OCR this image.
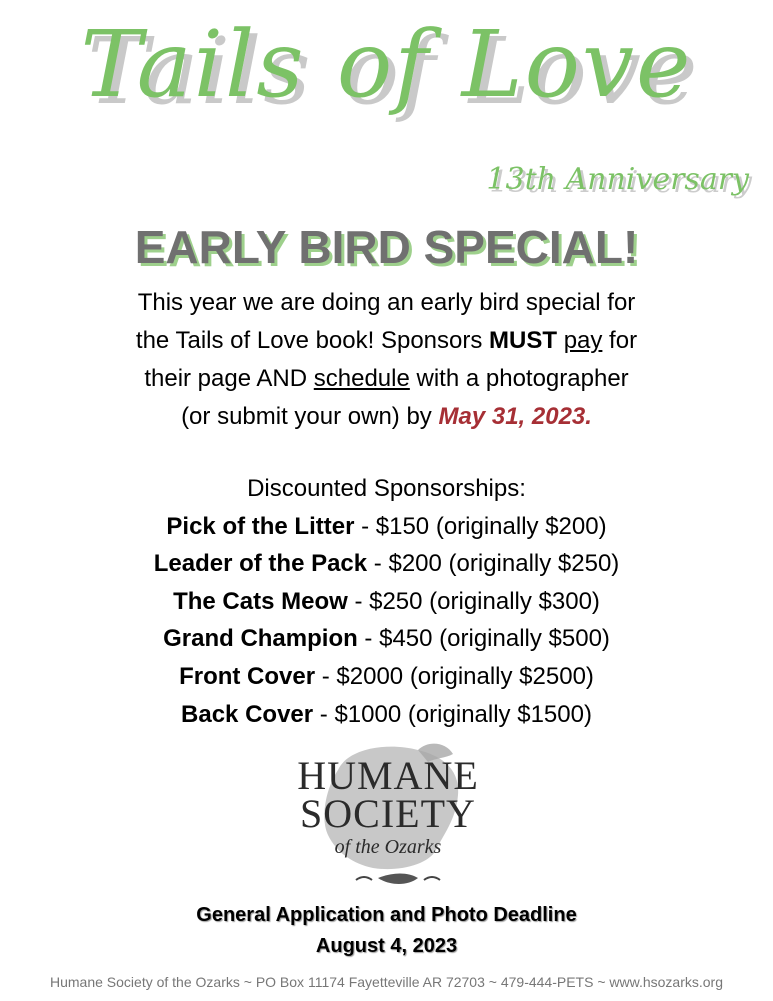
Tails of Love
13th Anniversary
EARLY BIRD SPECIAL!
This year we are doing an early bird special for
the Tails of Love book! Sponsors MUST pay for
their page AND schedule with a photographer
(or submit your own) by May 31, 2023.
Discounted Sponsorships:
Pick of the Litter - $150 (originally $200)
Leader of the Pack - $200 (originally $250)
The Cats Meow - $250 (originally $300)
Grand Champion - $450 (originally $500)
Front Cover - $2000 (originally $2500)
Back Cover - $1000 (originally $1500)
HUMANE
SOCIETY
of the Ozarks
General Application and Photo Deadline
August 4, 2023
Humane Society of the Ozarks ~ PO Box 11174 Fayetteville AR 72703 ~ 479-444-PETS ~ www.hsozarks.org
